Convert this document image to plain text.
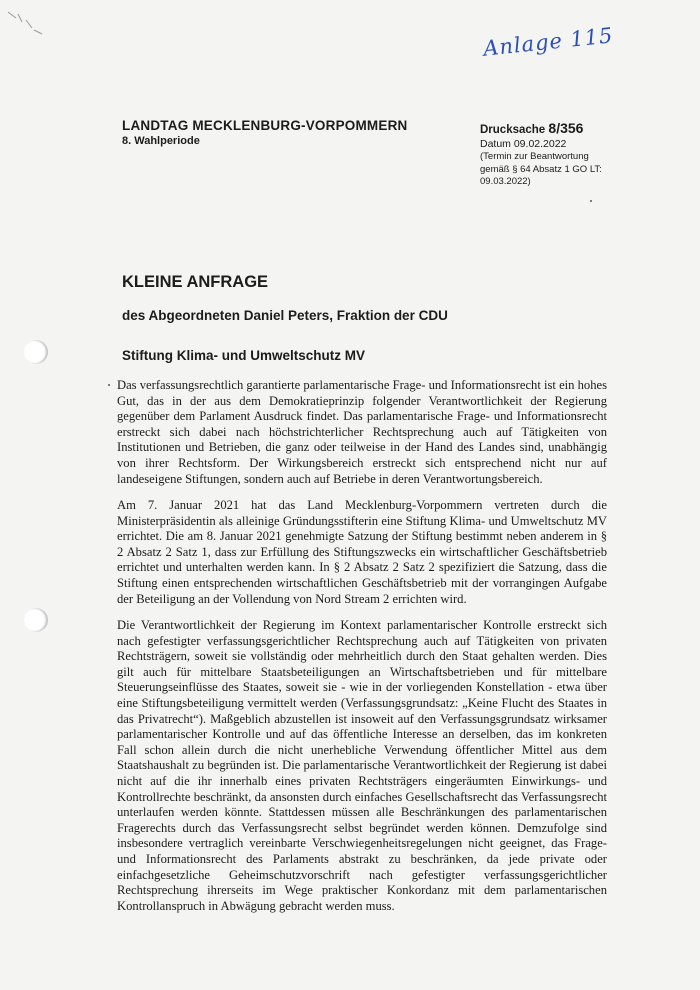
Anlage 115
LANDTAG MECKLENBURG-VORPOMMERN
8. Wahlperiode
Drucksache 8/356
Datum 09.02.2022
(Termin zur Beantwortung
gemäß § 64 Absatz 1 GO LT:
09.03.2022)
KLEINE ANFRAGE
des Abgeordneten Daniel Peters, Fraktion der CDU
Stiftung Klima- und Umweltschutz MV
Das verfassungsrechtlich garantierte parlamentarische Frage- und Informationsrecht ist ein hohes Gut, das in der aus dem Demokratieprinzip folgender Verantwortlichkeit der Regierung gegenüber dem Parlament Ausdruck findet. Das parlamentarische Frage- und Informationsrecht erstreckt sich dabei nach höchstrichterlicher Rechtsprechung auch auf Tätigkeiten von Institutionen und Betrieben, die ganz oder teilweise in der Hand des Landes sind, unabhängig von ihrer Rechtsform. Der Wirkungsbereich erstreckt sich entsprechend nicht nur auf landeseigene Stiftungen, sondern auch auf Betriebe in deren Verantwortungsbereich.
Am 7. Januar 2021 hat das Land Mecklenburg-Vorpommern vertreten durch die Ministerpräsidentin als alleinige Gründungsstifterin eine Stiftung Klima- und Umweltschutz MV errichtet. Die am 8. Januar 2021 genehmigte Satzung der Stiftung bestimmt neben anderem in § 2 Absatz 2 Satz 1, dass zur Erfüllung des Stiftungszwecks ein wirtschaftlicher Geschäftsbetrieb errichtet und unterhalten werden kann. In § 2 Absatz 2 Satz 2 spezifiziert die Satzung, dass die Stiftung einen entsprechenden wirtschaftlichen Geschäftsbetrieb mit der vorrangingen Aufgabe der Beteiligung an der Vollendung von Nord Stream 2 errichten wird.
Die Verantwortlichkeit der Regierung im Kontext parlamentarischer Kontrolle erstreckt sich nach gefestigter verfassungsgerichtlicher Rechtsprechung auch auf Tätigkeiten von privaten Rechtsträgern, soweit sie vollständig oder mehrheitlich durch den Staat gehalten werden. Dies gilt auch für mittelbare Staatsbeteiligungen an Wirtschaftsbetrieben und für mittelbare Steuerungseinflüsse des Staates, soweit sie - wie in der vorliegenden Konstellation - etwa über eine Stiftungsbeteiligung vermittelt werden (Verfassungsgrundsatz: „Keine Flucht des Staates in das Privatrecht“). Maßgeblich abzustellen ist insoweit auf den Verfassungsgrundsatz wirksamer parlamentarischer Kontrolle und auf das öffentliche Interesse an derselben, das im konkreten Fall schon allein durch die nicht unerhebliche Verwendung öffentlicher Mittel aus dem Staatshaushalt zu begründen ist. Die parlamentarische Verantwortlichkeit der Regierung ist dabei nicht auf die ihr innerhalb eines privaten Rechtsträgers eingeräumten Einwirkungs- und Kontrollrechte beschränkt, da ansonsten durch einfaches Gesellschaftsrecht das Verfassungsrecht unterlaufen werden könnte. Stattdessen müssen alle Beschränkungen des parlamentarischen Fragerechts durch das Verfassungsrecht selbst begründet werden können. Demzufolge sind insbesondere vertraglich vereinbarte Verschwiegenheitsregelungen nicht geeignet, das Frage- und Informationsrecht des Parlaments abstrakt zu beschränken, da jede private oder einfachgesetzliche Geheimschutzvorschrift nach gefestigter verfassungsgerichtlicher Rechtsprechung ihrerseits im Wege praktischer Konkordanz mit dem parlamentarischen Kontrollanspruch in Abwägung gebracht werden muss.
